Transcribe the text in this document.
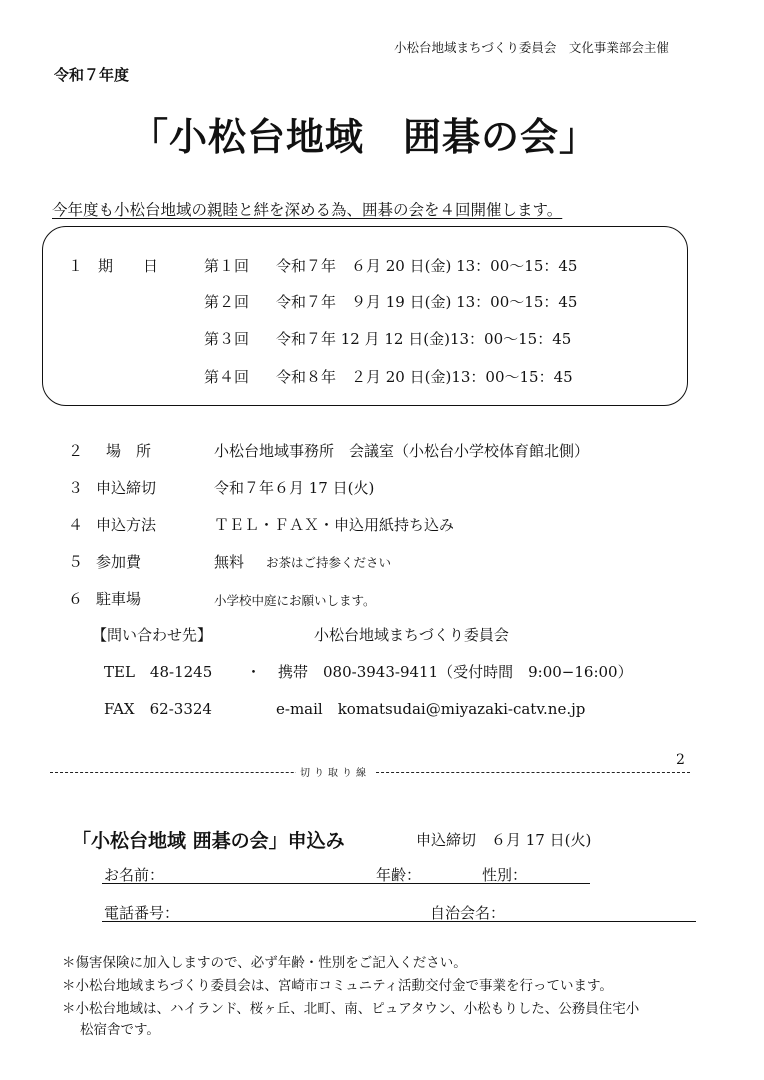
小松台地域まちづくり委員会　文化事業部会主催
令和７年度
「小松台地域　囲碁の会」
今年度も小松台地域の親睦と絆を深める為、囲碁の会を４回開催します。
１　期　　日	第１回 令和７年　６月 20 日(金) 13：00〜15：45
第２回 令和７年　９月 19 日(金) 13：00〜15：45
第３回 令和７年 12 月 12 日(金)13：00〜15：45
第４回 令和８年　２月 20 日(金)13：00〜15：45
２ 場　所	小松台地域事務所　会議室（小松台小学校体育館北側）
３ 申込締切	令和７年６月 17 日(火)
４ 申込方法	ＴＥＬ・ＦＡＸ・申込用紙持ち込み
５ 参加費	無料 お茶はご持参ください
６ 駐車場	小学校中庭にお願いします。
【問い合わせ先】	小松台地域まちづくり委員会
TEL　48-1245 ・ 携帯　080-3943-9411（受付時間　9:00−16:00）
FAX　62-3324	e-mail　komatsudai@miyazaki-catv.ne.jp
切り取り線
2
「小松台地域 囲碁の会」申込み	申込締切　６月 17 日(火)
お名前：	年齢：	性別：
電話番号：	自治会名：
＊傷害保険に加入しますので、必ず年齢・性別をご記入ください。
＊小松台地域まちづくり委員会は、宮崎市コミュニティ活動交付金で事業を行っています。
＊小松台地域は、ハイランド、桜ヶ丘、北町、南、ピュアタウン、小松もりした、公務員住宅小
松宿舎です。
